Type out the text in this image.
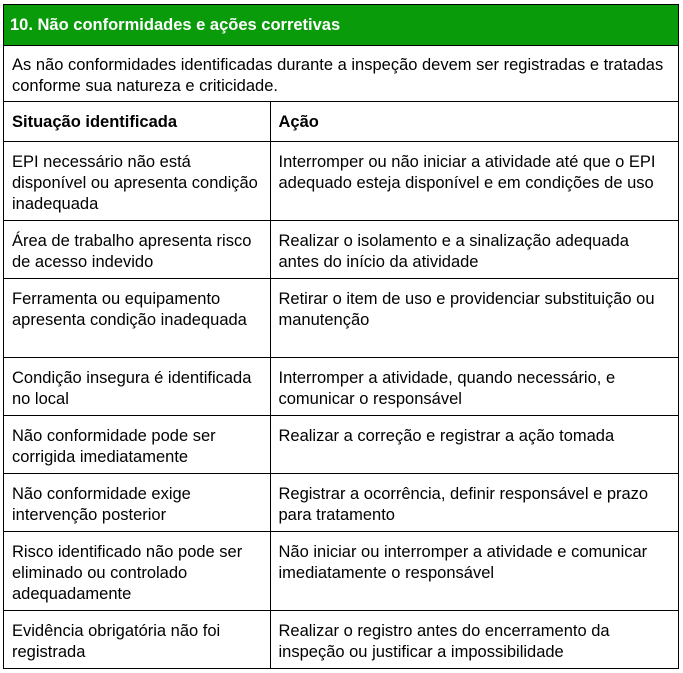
10. Não conformidades e ações corretivas
As não conformidades identificadas durante a inspeção devem ser registradas e tratadas conforme sua natureza e criticidade.
Situação identificada	Ação
EPI necessário não está disponível ou apresenta condição inadequada	Interromper ou não iniciar a atividade até que o EPI adequado esteja disponível e em condições de uso
Área de trabalho apresenta risco de acesso indevido	Realizar o isolamento e a sinalização adequada antes do início da atividade
Ferramenta ou equipamento apresenta condição inadequada	Retirar o item de uso e providenciar substituição ou manutenção
Condição insegura é identificada no local	Interromper a atividade, quando necessário, e comunicar o responsável
Não conformidade pode ser corrigida imediatamente	Realizar a correção e registrar a ação tomada
Não conformidade exige intervenção posterior	Registrar a ocorrência, definir responsável e prazo para tratamento
Risco identificado não pode ser eliminado ou controlado adequadamente	Não iniciar ou interromper a atividade e comunicar imediatamente o responsável
Evidência obrigatória não foi registrada	Realizar o registro antes do encerramento da inspeção ou justificar a impossibilidade
